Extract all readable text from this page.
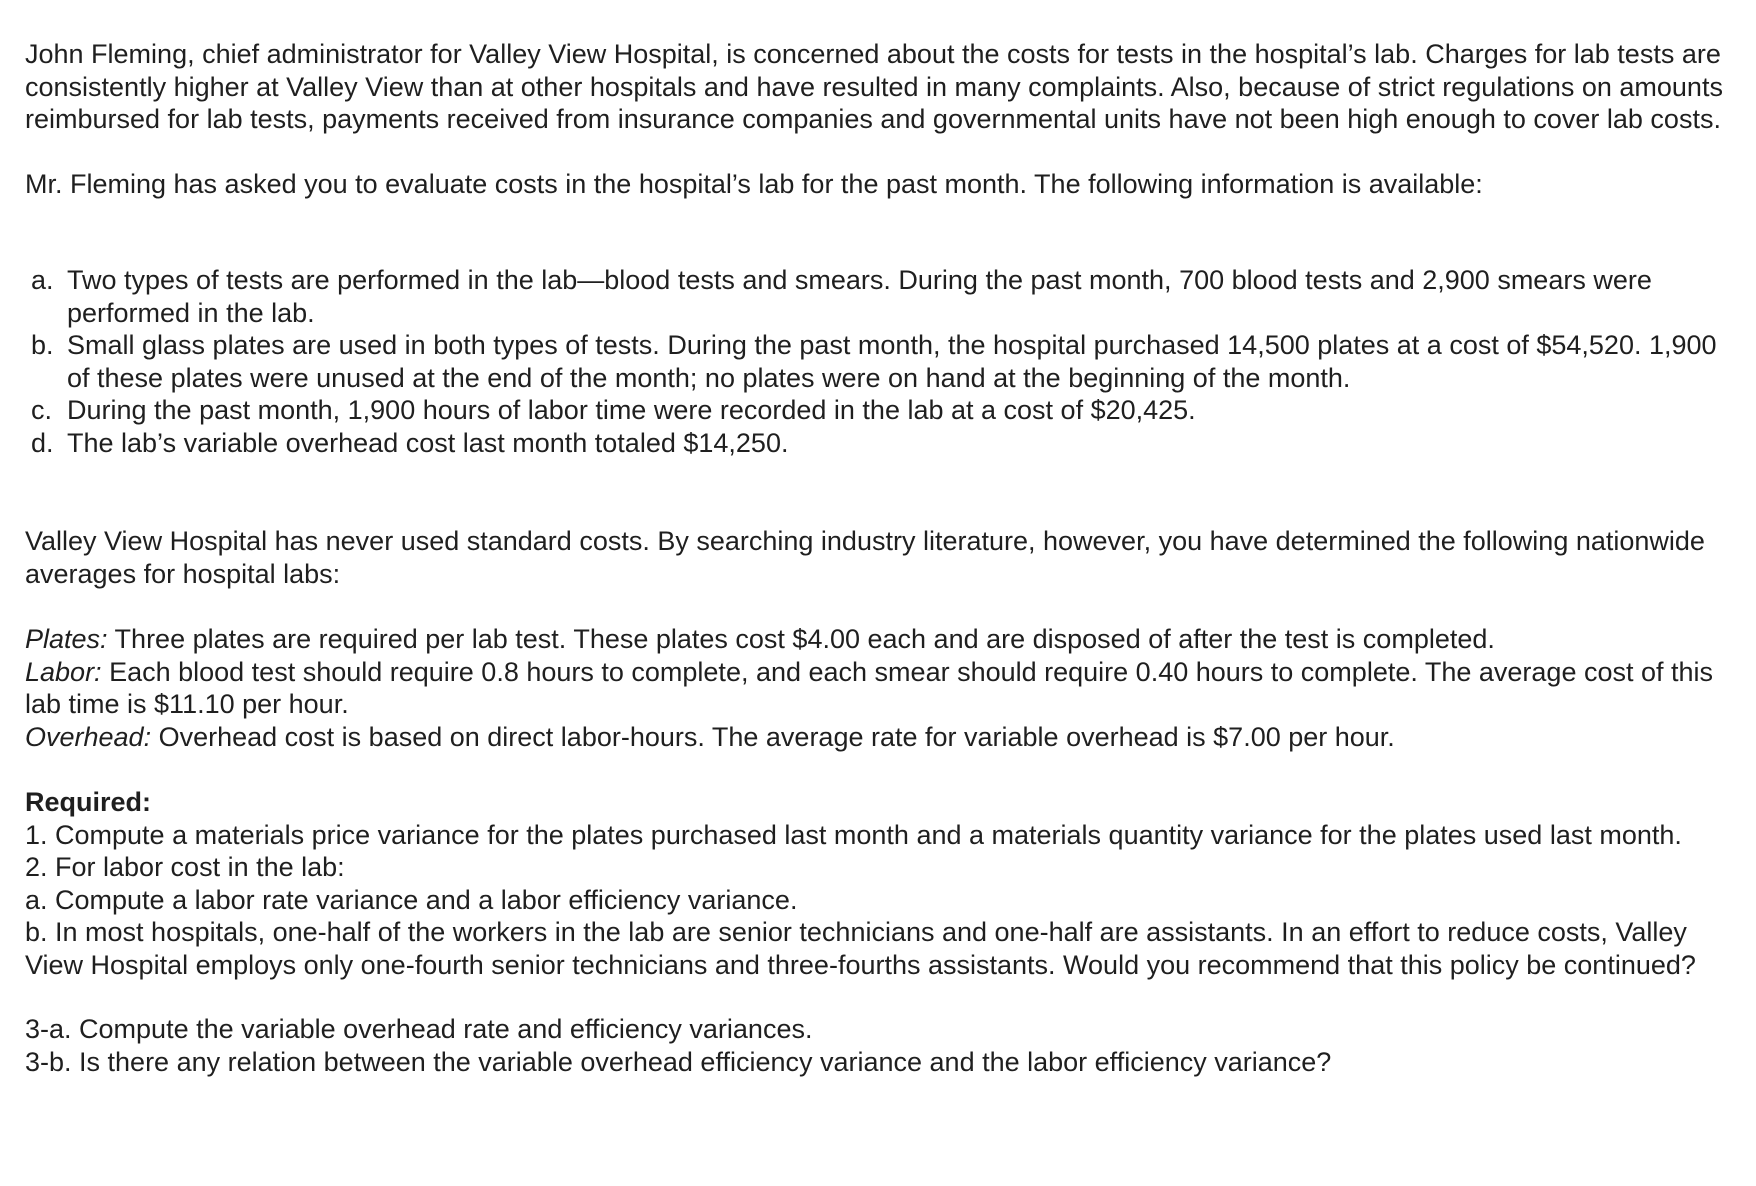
John Fleming, chief administrator for Valley View Hospital, is concerned about the costs for tests in the hospital’s lab. Charges for lab tests are consistently higher at Valley View than at other hospitals and have resulted in many complaints. Also, because of strict regulations on amounts reimbursed for lab tests, payments received from insurance companies and governmental units have not been high enough to cover lab costs.

Mr. Fleming has asked you to evaluate costs in the hospital’s lab for the past month. The following information is available:

a. Two types of tests are performed in the lab—blood tests and smears. During the past month, 700 blood tests and 2,900 smears were performed in the lab.
b. Small glass plates are used in both types of tests. During the past month, the hospital purchased 14,500 plates at a cost of $54,520. 1,900 of these plates were unused at the end of the month; no plates were on hand at the beginning of the month.
c. During the past month, 1,900 hours of labor time were recorded in the lab at a cost of $20,425.
d. The lab’s variable overhead cost last month totaled $14,250.

Valley View Hospital has never used standard costs. By searching industry literature, however, you have determined the following nationwide averages for hospital labs:

Plates: Three plates are required per lab test. These plates cost $4.00 each and are disposed of after the test is completed.
Labor: Each blood test should require 0.8 hours to complete, and each smear should require 0.40 hours to complete. The average cost of this lab time is $11.10 per hour.
Overhead: Overhead cost is based on direct labor-hours. The average rate for variable overhead is $7.00 per hour.
Required:
1. Compute a materials price variance for the plates purchased last month and a materials quantity variance for the plates used last month.
2. For labor cost in the lab:
a. Compute a labor rate variance and a labor efficiency variance.
b. In most hospitals, one-half of the workers in the lab are senior technicians and one-half are assistants. In an effort to reduce costs, Valley View Hospital employs only one-fourth senior technicians and three-fourths assistants. Would you recommend that this policy be continued?
3-a. Compute the variable overhead rate and efficiency variances.
3-b. Is there any relation between the variable overhead efficiency variance and the labor efficiency variance?
